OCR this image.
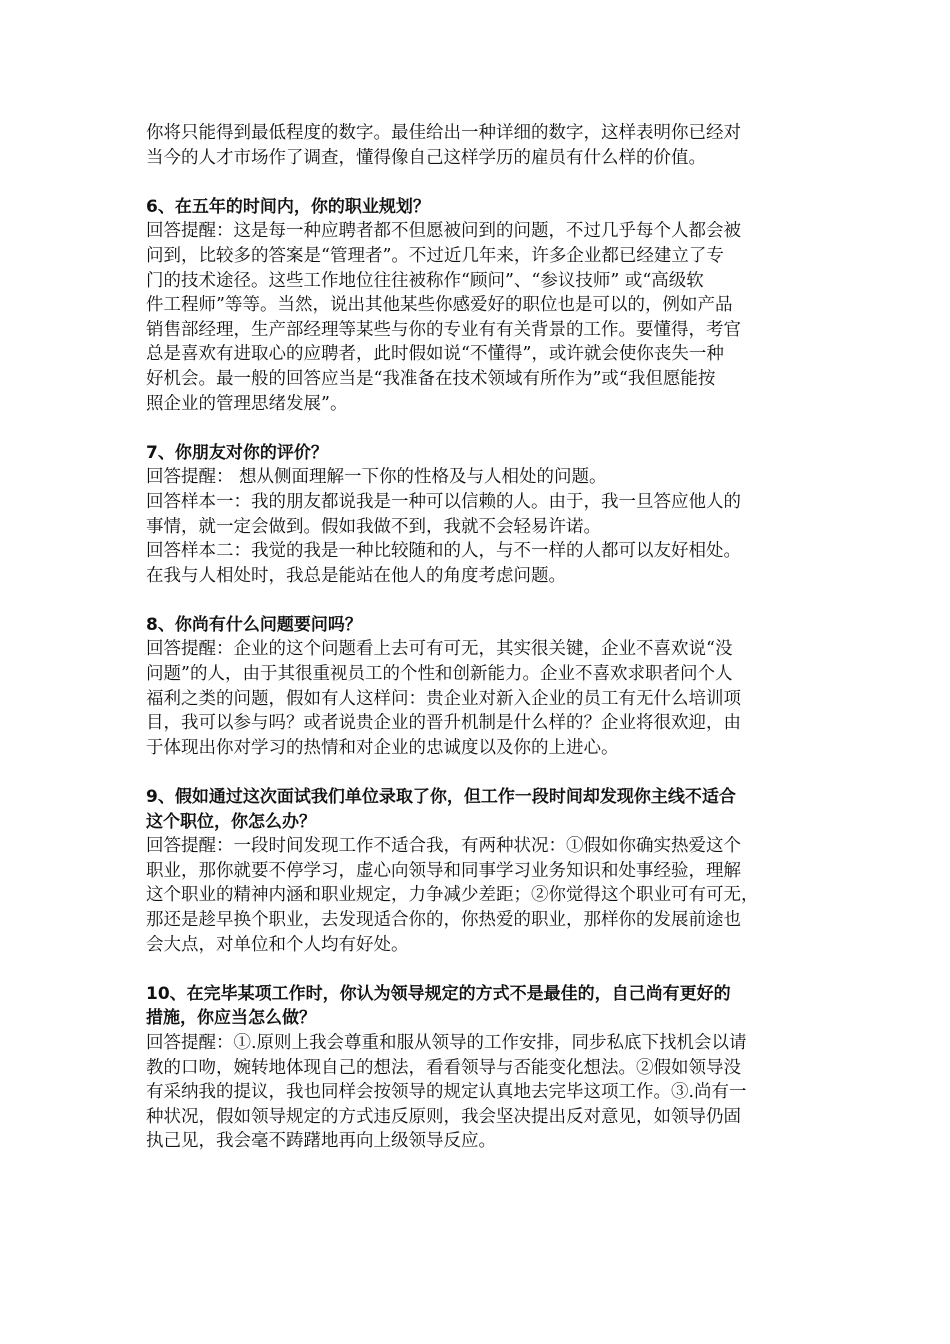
你将只能得到最低程度的数字。最佳给出一种详细的数字，这样表明你已经对
当今的人才市场作了调查，懂得像自己这样学历的雇员有什么样的价值。
6、在五年的时间内，你的职业规划？
回答提醒：这是每一种应聘者都不但愿被问到的问题，不过几乎每个人都会被
问到，比较多的答案是“管理者”。不过近几年来，许多企业都已经建立了专
门的技术途径。这些工作地位往往被称作“顾问”、“参议技师” 或“高级软
件工程师”等等。当然，说出其他某些你感爱好的职位也是可以的，例如产品
销售部经理，生产部经理等某些与你的专业有有关背景的工作。要懂得，考官
总是喜欢有进取心的应聘者，此时假如说“不懂得”，或许就会使你丧失一种
好机会。最一般的回答应当是“我准备在技术领域有所作为”或“我但愿能按
照企业的管理思绪发展”。
7、你朋友对你的评价？
回答提醒： 想从侧面理解一下你的性格及与人相处的问题。
回答样本一：我的朋友都说我是一种可以信赖的人。由于，我一旦答应他人的
事情，就一定会做到。假如我做不到，我就不会轻易许诺。
回答样本二：我觉的我是一种比较随和的人，与不一样的人都可以友好相处。
在我与人相处时，我总是能站在他人的角度考虑问题。
8、你尚有什么问题要问吗？
回答提醒：企业的这个问题看上去可有可无，其实很关键，企业不喜欢说“没
问题”的人，由于其很重视员工的个性和创新能力。企业不喜欢求职者问个人
福利之类的问题，假如有人这样问：贵企业对新入企业的员工有无什么培训项
目，我可以参与吗？或者说贵企业的晋升机制是什么样的？企业将很欢迎，由
于体现出你对学习的热情和对企业的忠诚度以及你的上进心。
9、假如通过这次面试我们单位录取了你，但工作一段时间却发现你主线不适合
这个职位，你怎么办？
回答提醒：一段时间发现工作不适合我，有两种状况：①假如你确实热爱这个
职业，那你就要不停学习，虚心向领导和同事学习业务知识和处事经验，理解
这个职业的精神内涵和职业规定，力争减少差距；②你觉得这个职业可有可无，
那还是趁早换个职业，去发现适合你的，你热爱的职业，那样你的发展前途也
会大点，对单位和个人均有好处。
10、在完毕某项工作时，你认为领导规定的方式不是最佳的，自己尚有更好的
措施，你应当怎么做？
回答提醒：①.原则上我会尊重和服从领导的工作安排，同步私底下找机会以请
教的口吻，婉转地体现自己的想法，看看领导与否能变化想法。②假如领导没
有采纳我的提议，我也同样会按领导的规定认真地去完毕这项工作。③.尚有一
种状况，假如领导规定的方式违反原则，我会坚决提出反对意见，如领导仍固
执己见，我会毫不踌躇地再向上级领导反应。
